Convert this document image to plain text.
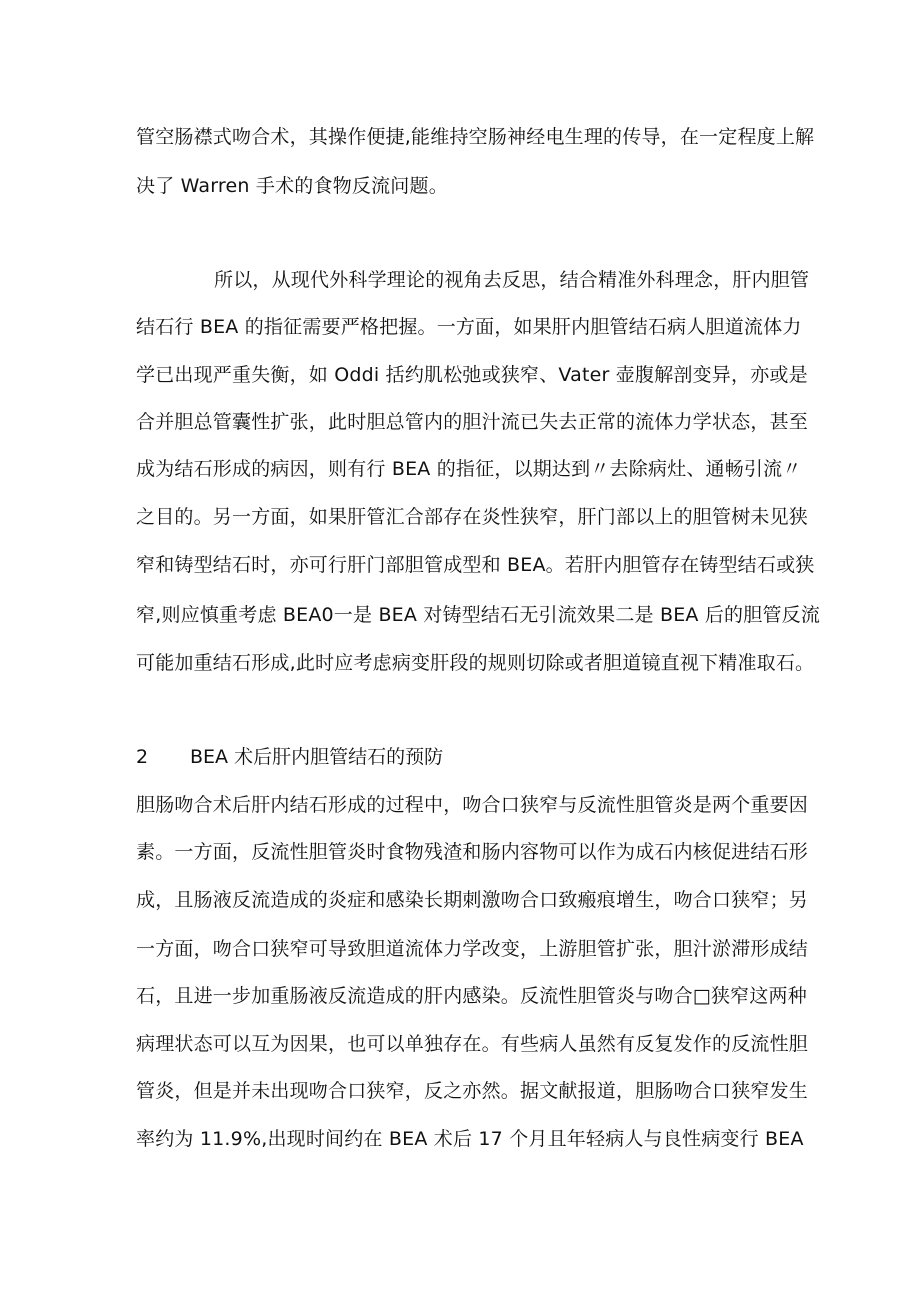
管空肠襟式吻合术，其操作便捷,能维持空肠神经电生理的传导，在一定程度上解
决了 Warren 手术的食物反流问题。
所以，从现代外科学理论的视角去反思，结合精准外科理念，肝内胆管
结石行 BEA 的指征需要严格把握。一方面，如果肝内胆管结石病人胆道流体力
学已出现严重失衡，如 Oddi 括约肌松弛或狭窄、Vater 壶腹解剖变异，亦或是
合并胆总管囊性扩张，此时胆总管内的胆汁流已失去正常的流体力学状态，甚至
成为结石形成的病因，则有行 BEA 的指征，以期达到〃去除病灶、通畅引流〃
之目的。另一方面，如果肝管汇合部存在炎性狭窄，肝门部以上的胆管树未见狭
窄和铸型结石时，亦可行肝门部胆管成型和 BEA。若肝内胆管存在铸型结石或狭
窄,则应慎重考虑 BEA0一是 BEA 对铸型结石无引流效果二是 BEA 后的胆管反流
可能加重结石形成,此时应考虑病变肝段的规则切除或者胆道镜直视下精准取石。
2 BEA 术后肝内胆管结石的预防
胆肠吻合术后肝内结石形成的过程中，吻合口狭窄与反流性胆管炎是两个重要因
素。一方面，反流性胆管炎时食物残渣和肠内容物可以作为成石内核促进结石形
成，且肠液反流造成的炎症和感染长期刺激吻合口致瘢痕增生，吻合口狭窄；另
一方面，吻合口狭窄可导致胆道流体力学改变，上游胆管扩张，胆汁淤滞形成结
石，且进一步加重肠液反流造成的肝内感染。反流性胆管炎与吻合□狭窄这两种
病理状态可以互为因果，也可以单独存在。有些病人虽然有反复发作的反流性胆
管炎，但是并未出现吻合口狭窄，反之亦然。据文献报道，胆肠吻合口狭窄发生
率约为 11.9%,出现时间约在 BEA 术后 17 个月且年轻病人与良性病变行 BEA
